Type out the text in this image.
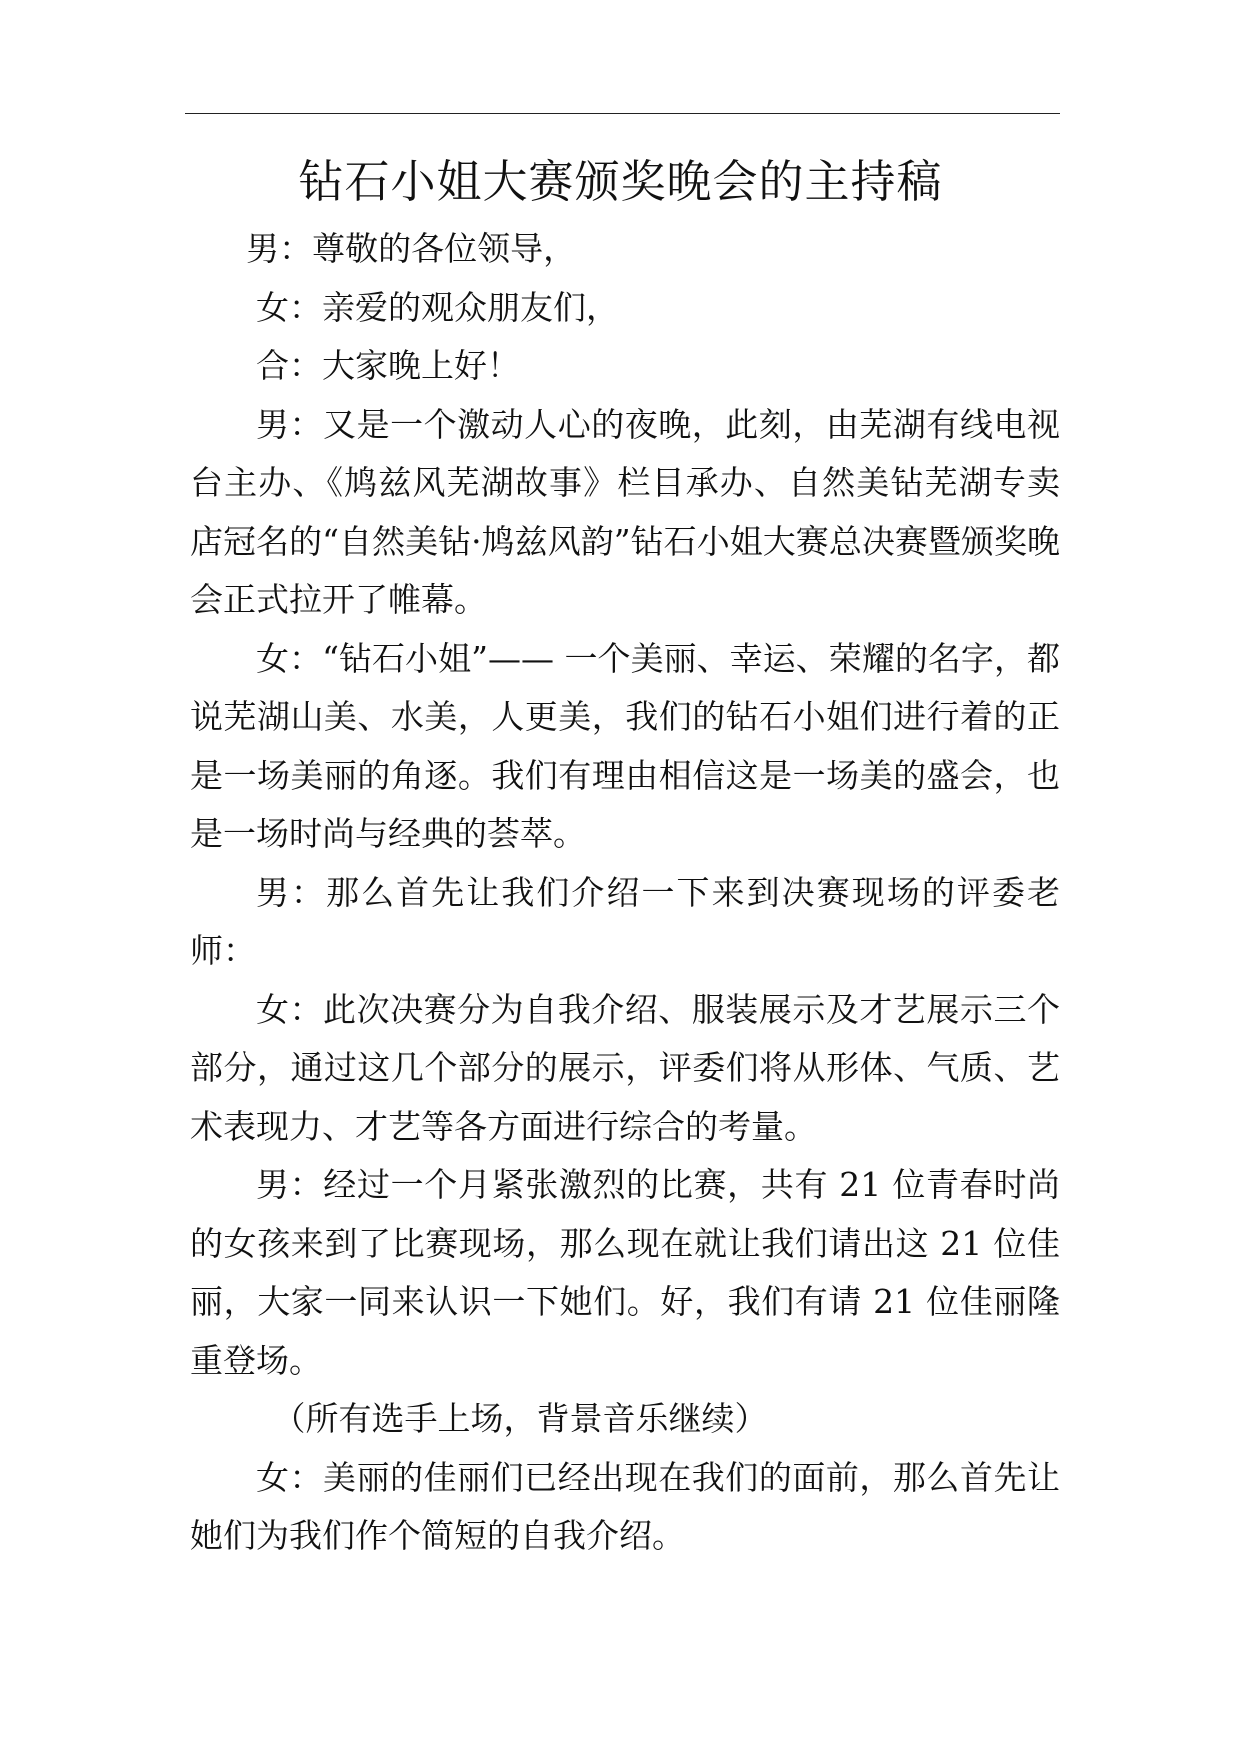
钻石小姐大赛颁奖晚会的主持稿

男：尊敬的各位领导，

女：亲爱的观众朋友们，

合：大家晚上好！

男：又是一个激动人心的夜晚，此刻，由芜湖有线电视台主办、《鸠兹风芜湖故事》栏目承办、自然美钻芜湖专卖店冠名的“自然美钻·鸠兹风韵”钻石小姐大赛总决赛暨颁奖晚会正式拉开了帷幕。

女：“钻石小姐”—— 一个美丽、幸运、荣耀的名字，都说芜湖山美、水美，人更美，我们的钻石小姐们进行着的正是一场美丽的角逐。我们有理由相信这是一场美的盛会，也是一场时尚与经典的荟萃。

男：那么首先让我们介绍一下来到决赛现场的评委老师：

女：此次决赛分为自我介绍、服装展示及才艺展示三个部分，通过这几个部分的展示，评委们将从形体、气质、艺术表现力、才艺等各方面进行综合的考量。

男：经过一个月紧张激烈的比赛，共有 21 位青春时尚的女孩来到了比赛现场，那么现在就让我们请出这 21 位佳丽，大家一同来认识一下她们。好，我们有请 21 位佳丽隆重登场。

（所有选手上场，背景音乐继续）

女：美丽的佳丽们已经出现在我们的面前，那么首先让她们为我们作个简短的自我介绍。
